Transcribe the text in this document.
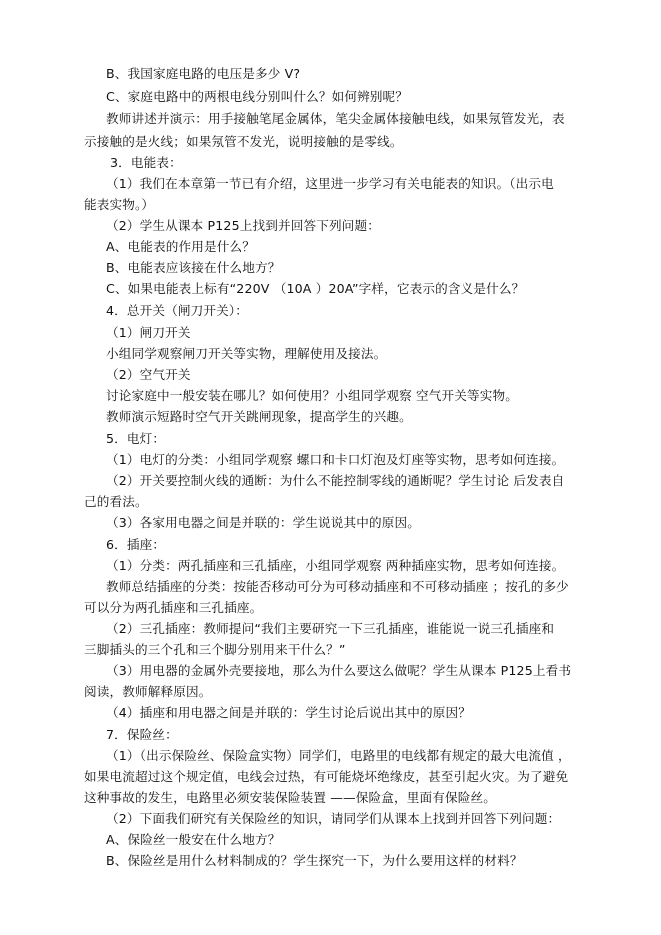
B、我国家庭电路的电压是多少 V?
C、家庭电路中的两根电线分别叫什么？如何辨别呢？
教师讲述并演示：用手接触笔尾金属体，笔尖金属体接触电线，如果氖管发光，表
示接触的是火线；如果氖管不发光，说明接触的是零线。
3．电能表：
（1）我们在本章第一节已有介绍，这里进一步学习有关电能表的知识。（出示电
能表实物。）
（2）学生从课本 P125上找到并回答下列问题：
A、电能表的作用是什么？
B、电能表应该接在什么地方？
C、如果电能表上标有“220V （10A ）20A”字样，它表示的含义是什么？
4．总开关（闸刀开关）：
（1）闸刀开关
小组同学观察闸刀开关等实物，理解使用及接法。
（2）空气开关
讨论家庭中一般安装在哪儿？如何使用？小组同学观察 空气开关等实物。
教师演示短路时空气开关跳闸现象，提高学生的兴趣。
5．电灯：
（1）电灯的分类：小组同学观察 螺口和卡口灯泡及灯座等实物，思考如何连接。
（2）开关要控制火线的通断：为什么不能控制零线的通断呢？学生讨论 后发表自
己的看法。
（3）各家用电器之间是并联的：学生说说其中的原因。
6．插座：
（1）分类：两孔插座和三孔插座，小组同学观察 两种插座实物，思考如何连接。
教师总结插座的分类：按能否移动可分为可移动插座和不可移动插座 ；按孔的多少
可以分为两孔插座和三孔插座。
（2）三孔插座：教师提问“我们主要研究一下三孔插座，谁能说一说三孔插座和
三脚插头的三个孔和三个脚分别用来干什么？”
（3）用电器的金属外壳要接地，那么为什么要这么做呢？学生从课本 P125上看书
阅读，教师解释原因。
（4）插座和用电器之间是并联的：学生讨论后说出其中的原因？
7．保险丝：
（1）（出示保险丝、保险盒实物）同学们，电路里的电线都有规定的最大电流值 ，
如果电流超过这个规定值，电线会过热，有可能烧坏绝缘皮，甚至引起火灾。为了避免
这种事故的发生，电路里必须安装保险装置 ——保险盒，里面有保险丝。
（2）下面我们研究有关保险丝的知识，请同学们从课本上找到并回答下列问题：
A、保险丝一般安在什么地方？
B、保险丝是用什么材料制成的？学生探究一下，为什么要用这样的材料？
